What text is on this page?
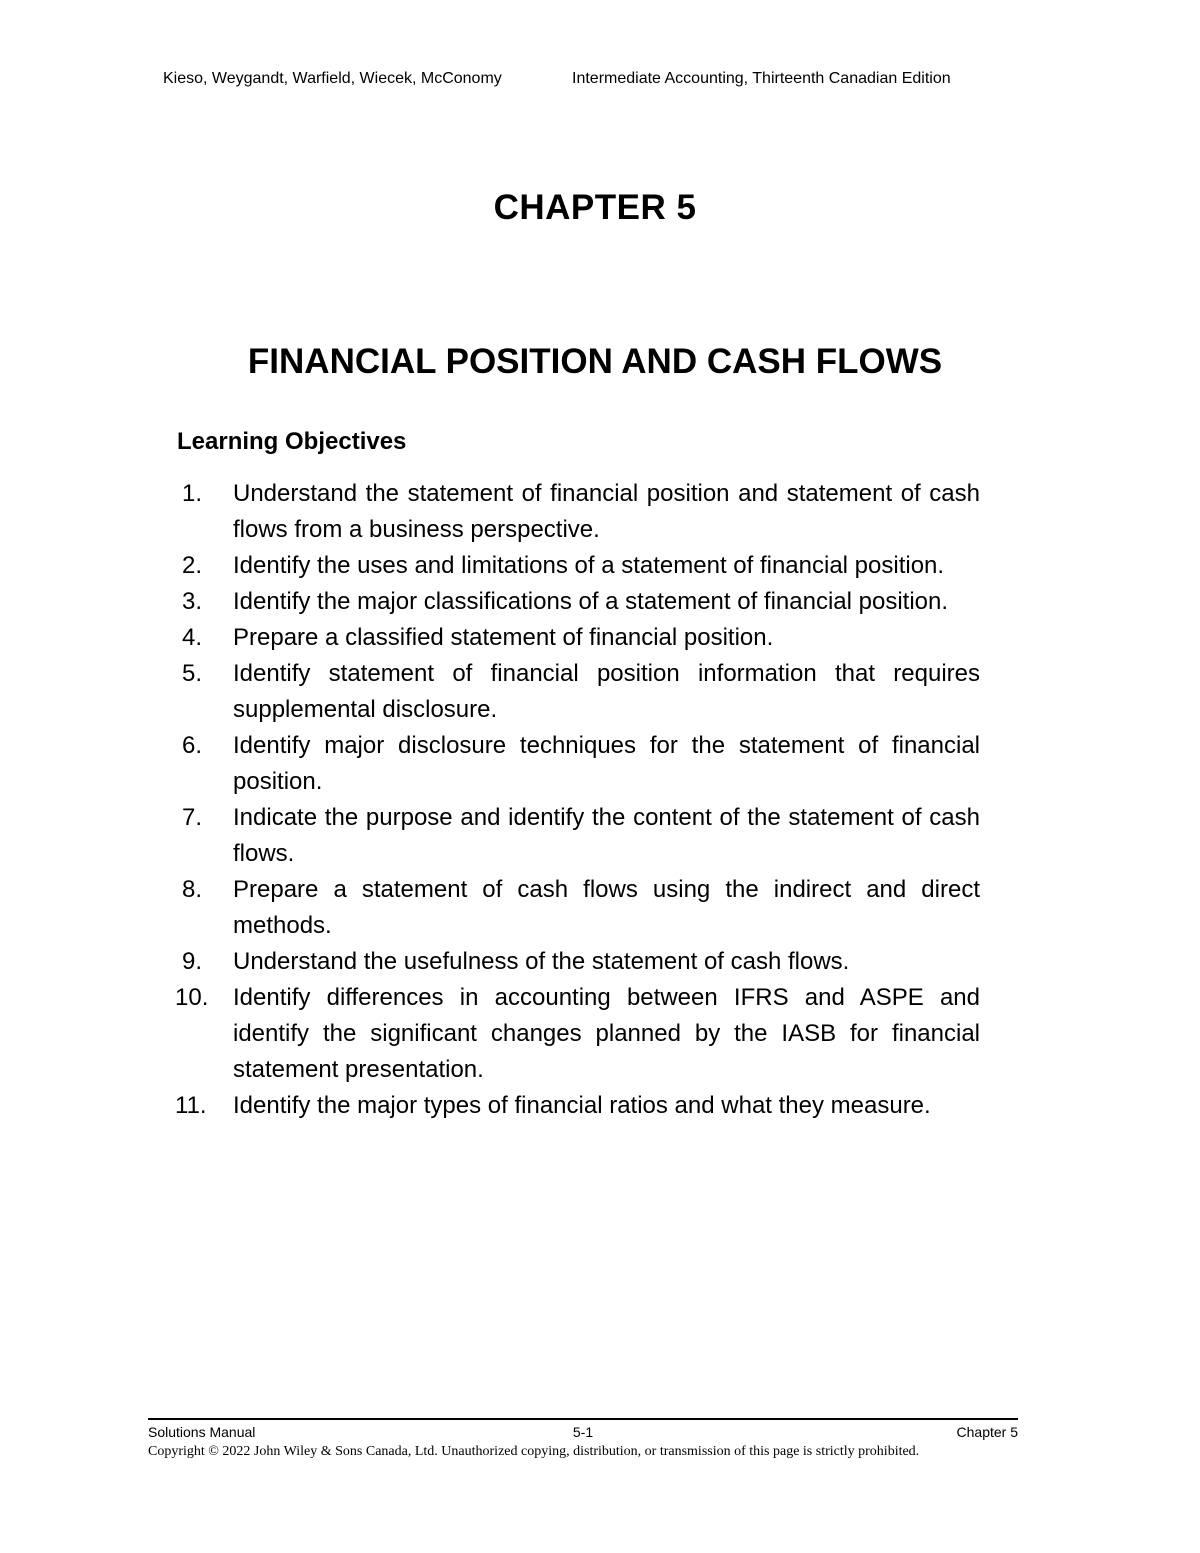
Kieso, Weygandt, Warfield, Wiecek, McConomy	Intermediate Accounting, Thirteenth Canadian Edition
CHAPTER 5
FINANCIAL POSITION AND CASH FLOWS
Learning Objectives
1.	Understand the statement of financial position and statement of cash flows from a business perspective.
2.	Identify the uses and limitations of a statement of financial position.
3.	Identify the major classifications of a statement of financial position.
4.	Prepare a classified statement of financial position.
5.	Identify statement of financial position information that requires supplemental disclosure.
6.	Identify major disclosure techniques for the statement of financial position.
7.	Indicate the purpose and identify the content of the statement of cash flows.
8.	Prepare a statement of cash flows using the indirect and direct methods.
9.	Understand the usefulness of the statement of cash flows.
10.	Identify differences in accounting between IFRS and ASPE and identify the significant changes planned by the IASB for financial statement presentation.
11.	Identify the major types of financial ratios and what they measure.
Solutions Manual	5-1	Chapter 5
Copyright © 2022 John Wiley & Sons Canada, Ltd. Unauthorized copying, distribution, or transmission of this page is strictly prohibited.
